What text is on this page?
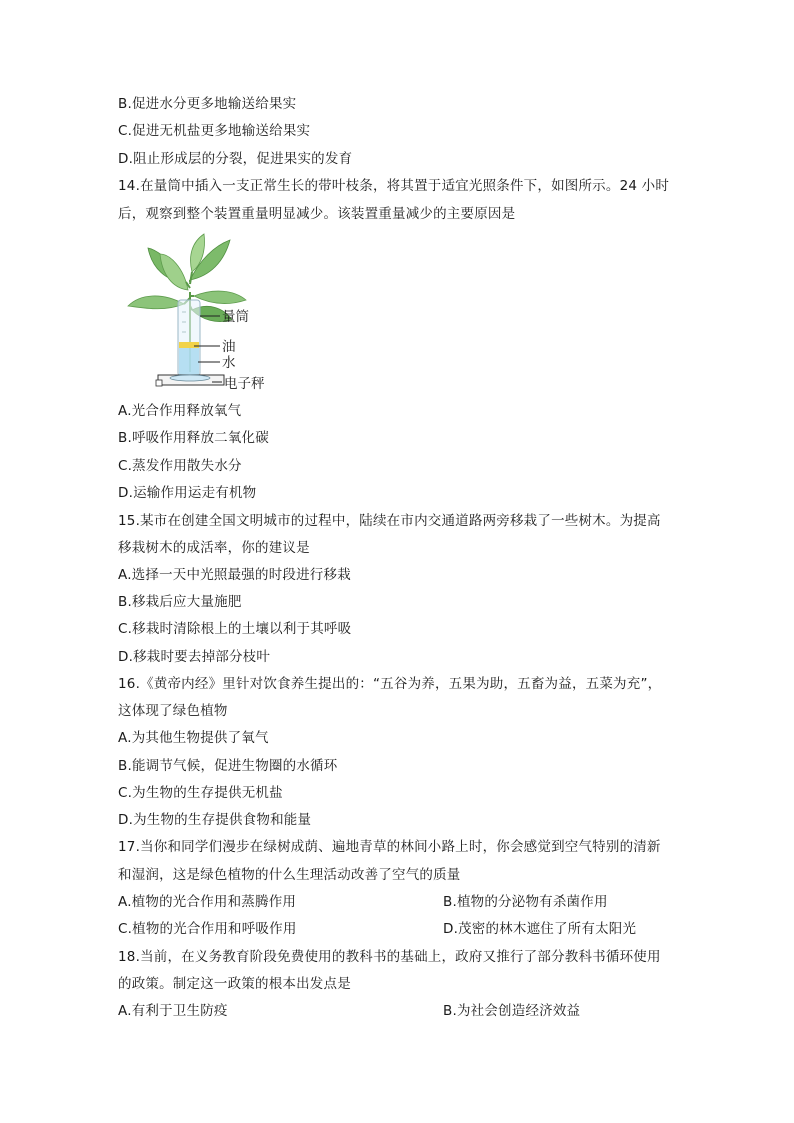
B.促进水分更多地输送给果实
C.促进无机盐更多地输送给果实
D.阻止形成层的分裂，促进果实的发育
14.在量筒中插入一支正常生长的带叶枝条，将其置于适宜光照条件下，如图所示。24 小时
后，观察到整个装置重量明显减少。该装置重量减少的主要原因是
量筒
油
水
电子秤
A.光合作用释放氧气
B.呼吸作用释放二氧化碳
C.蒸发作用散失水分
D.运输作用运走有机物
15.某市在创建全国文明城市的过程中，陆续在市内交通道路两旁移栽了一些树木。为提高
移栽树木的成活率，你的建议是
A.选择一天中光照最强的时段进行移栽
B.移栽后应大量施肥
C.移栽时清除根上的土壤以利于其呼吸
D.移栽时要去掉部分枝叶
16.《黄帝内经》里针对饮食养生提出的：“五谷为养，五果为助，五畜为益，五菜为充”，
这体现了绿色植物
A.为其他生物提供了氧气
B.能调节气候，促进生物圈的水循环
C.为生物的生存提供无机盐
D.为生物的生存提供食物和能量
17.当你和同学们漫步在绿树成荫、遍地青草的林间小路上时，你会感觉到空气特别的清新
和湿润，这是绿色植物的什么生理活动改善了空气的质量
A.植物的光合作用和蒸腾作用	B.植物的分泌物有杀菌作用
C.植物的光合作用和呼吸作用	D.茂密的林木遮住了所有太阳光
18.当前，在义务教育阶段免费使用的教科书的基础上，政府又推行了部分教科书循环使用
的政策。制定这一政策的根本出发点是
A.有利于卫生防疫	B.为社会创造经济效益
